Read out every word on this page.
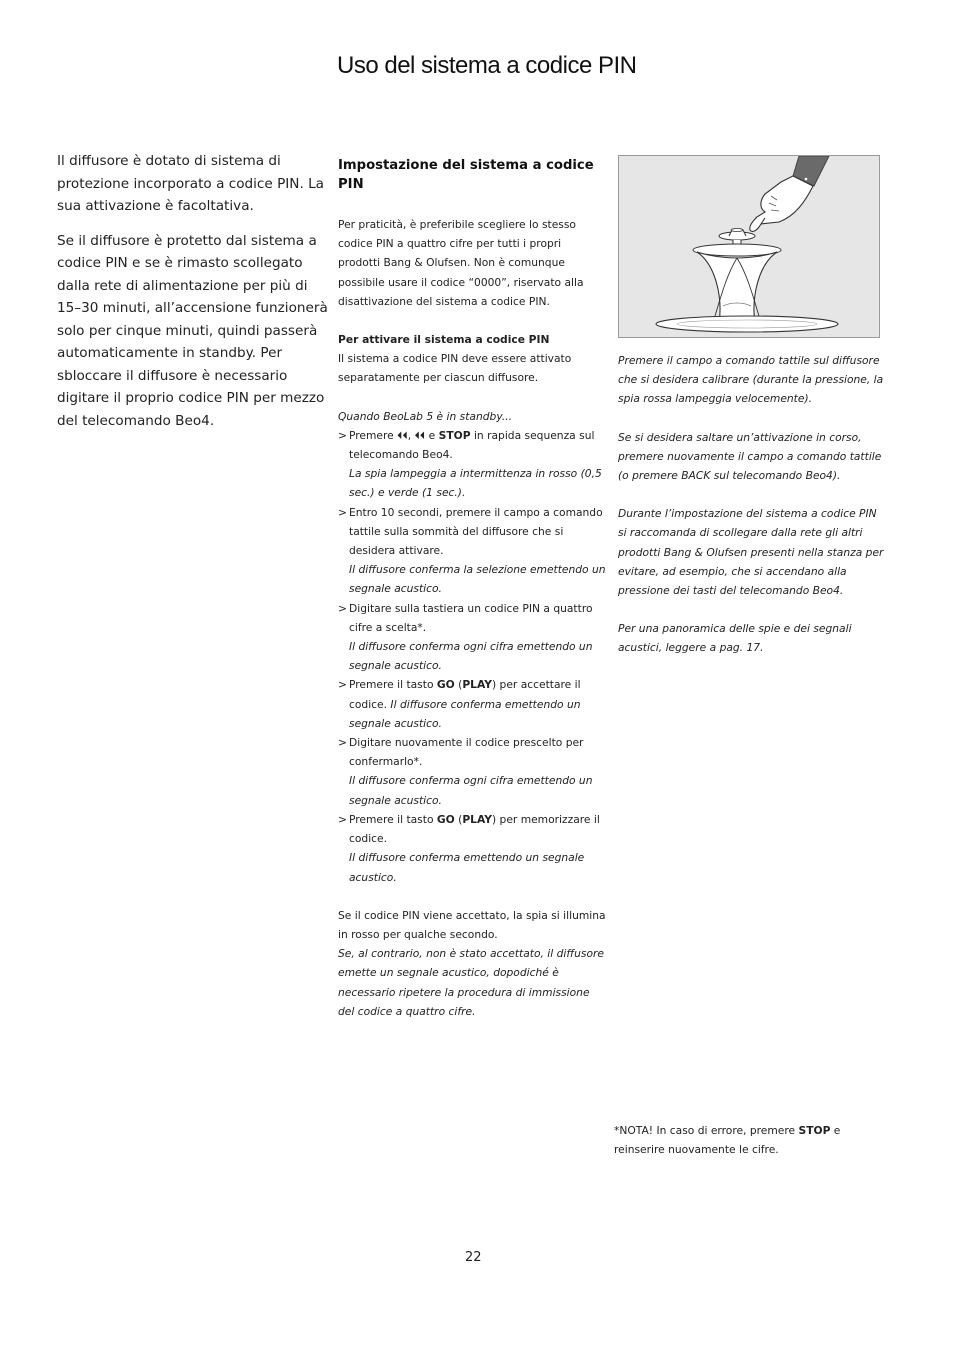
Uso del sistema a codice PIN

Il diffusore è dotato di sistema di protezione incorporato a codice PIN. La sua attivazione è facoltativa.

Se il diffusore è protetto dal sistema a codice PIN e se è rimasto scollegato dalla rete di alimentazione per più di 15–30 minuti, all’accensione funzionerà solo per cinque minuti, quindi passerà automaticamente in standby. Per sbloccare il diffusore è necessario digitare il proprio codice PIN per mezzo del telecomando Beo4.

Impostazione del sistema a codice PIN

Per praticità, è preferibile scegliere lo stesso codice PIN a quattro cifre per tutti i propri prodotti Bang & Olufsen. Non è comunque possibile usare il codice “0000”, riservato alla disattivazione del sistema a codice PIN.

Per attivare il sistema a codice PIN

Il sistema a codice PIN deve essere attivato separatamente per ciascun diffusore.

Quando BeoLab 5 è in standby...

> Premere ⏴⏴, ⏴⏴ e STOP in rapida sequenza sul telecomando Beo4.
La spia lampeggia a intermittenza in rosso (0,5 sec.) e verde (1 sec.).
> Entro 10 secondi, premere il campo a comando tattile sulla sommità del diffusore che si desidera attivare.
Il diffusore conferma la selezione emettendo un segnale acustico.
> Digitare sulla tastiera un codice PIN a quattro cifre a scelta*.
Il diffusore conferma ogni cifra emettendo un segnale acustico.
> Premere il tasto GO (PLAY) per accettare il codice. Il diffusore conferma emettendo un segnale acustico.
> Digitare nuovamente il codice prescelto per confermarlo*.
Il diffusore conferma ogni cifra emettendo un segnale acustico.
> Premere il tasto GO (PLAY) per memorizzare il codice.
Il diffusore conferma emettendo un segnale acustico.

Se il codice PIN viene accettato, la spia si illumina in rosso per qualche secondo.

Se, al contrario, non è stato accettato, il diffusore emette un segnale acustico, dopodiché è necessario ripetere la procedura di immissione del codice a quattro cifre.

Premere il campo a comando tattile sul diffusore che si desidera calibrare (durante la pressione, la spia rossa lampeggia velocemente).

Se si desidera saltare un’attivazione in corso, premere nuovamente il campo a comando tattile (o premere BACK sul telecomando Beo4).

Durante l’impostazione del sistema a codice PIN si raccomanda di scollegare dalla rete gli altri prodotti Bang & Olufsen presenti nella stanza per evitare, ad esempio, che si accendano alla pressione dei tasti del telecomando Beo4.

Per una panoramica delle spie e dei segnali acustici, leggere a pag. 17.

*NOTA! In caso di errore, premere STOP e reinserire nuovamente le cifre.
22
